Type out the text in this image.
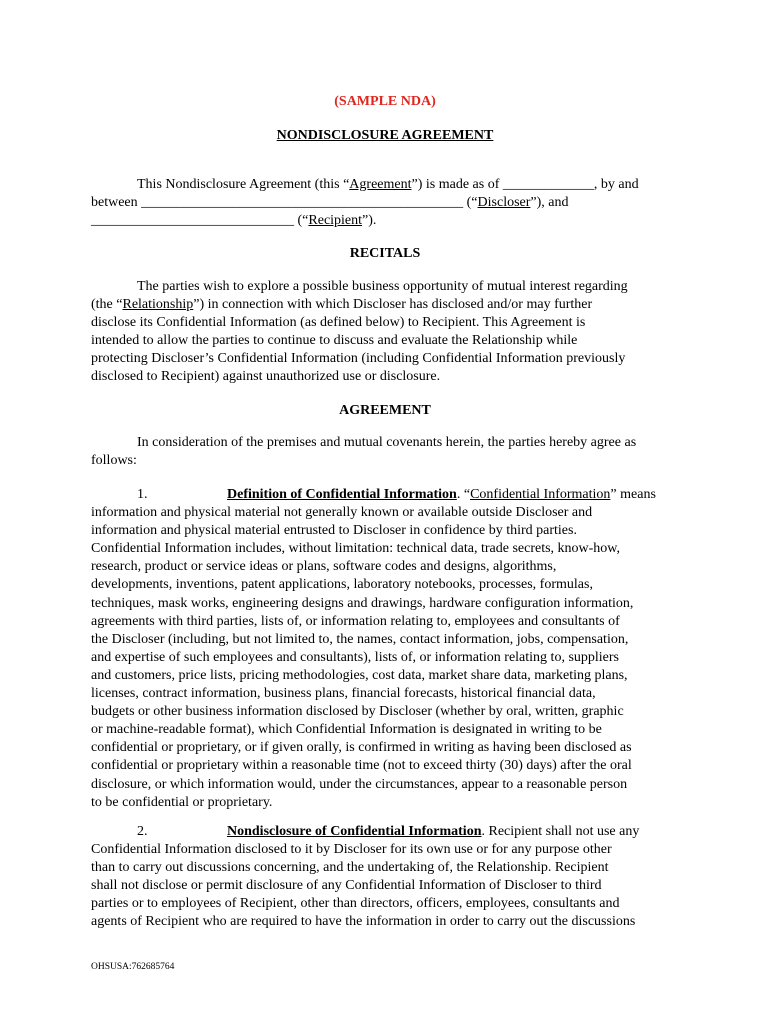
(SAMPLE NDA)
NONDISCLOSURE AGREEMENT
This Nondisclosure Agreement (this “Agreement”) is made as of _____________, by and
between ______________________________________________ (“Discloser”), and
_____________________________ (“Recipient”).
RECITALS
The parties wish to explore a possible business opportunity of mutual interest regarding
(the “Relationship”) in connection with which Discloser has disclosed and/or may further
disclose its Confidential Information (as defined below) to Recipient. This Agreement is
intended to allow the parties to continue to discuss and evaluate the Relationship while
protecting Discloser’s Confidential Information (including Confidential Information previously
disclosed to Recipient) against unauthorized use or disclosure.
AGREEMENT
In consideration of the premises and mutual covenants herein, the parties hereby agree as
follows:
1.	Definition of Confidential Information. “Confidential Information” means
information and physical material not generally known or available outside Discloser and
information and physical material entrusted to Discloser in confidence by third parties.
Confidential Information includes, without limitation: technical data, trade secrets, know-how,
research, product or service ideas or plans, software codes and designs, algorithms,
developments, inventions, patent applications, laboratory notebooks, processes, formulas,
techniques, mask works, engineering designs and drawings, hardware configuration information,
agreements with third parties, lists of, or information relating to, employees and consultants of
the Discloser (including, but not limited to, the names, contact information, jobs, compensation,
and expertise of such employees and consultants), lists of, or information relating to, suppliers
and customers, price lists, pricing methodologies, cost data, market share data, marketing plans,
licenses, contract information, business plans, financial forecasts, historical financial data,
budgets or other business information disclosed by Discloser (whether by oral, written, graphic
or machine-readable format), which Confidential Information is designated in writing to be
confidential or proprietary, or if given orally, is confirmed in writing as having been disclosed as
confidential or proprietary within a reasonable time (not to exceed thirty (30) days) after the oral
disclosure, or which information would, under the circumstances, appear to a reasonable person
to be confidential or proprietary.
2.	Nondisclosure of Confidential Information. Recipient shall not use any
Confidential Information disclosed to it by Discloser for its own use or for any purpose other
than to carry out discussions concerning, and the undertaking of, the Relationship. Recipient
shall not disclose or permit disclosure of any Confidential Information of Discloser to third
parties or to employees of Recipient, other than directors, officers, employees, consultants and
agents of Recipient who are required to have the information in order to carry out the discussions
OHSUSA:762685764
